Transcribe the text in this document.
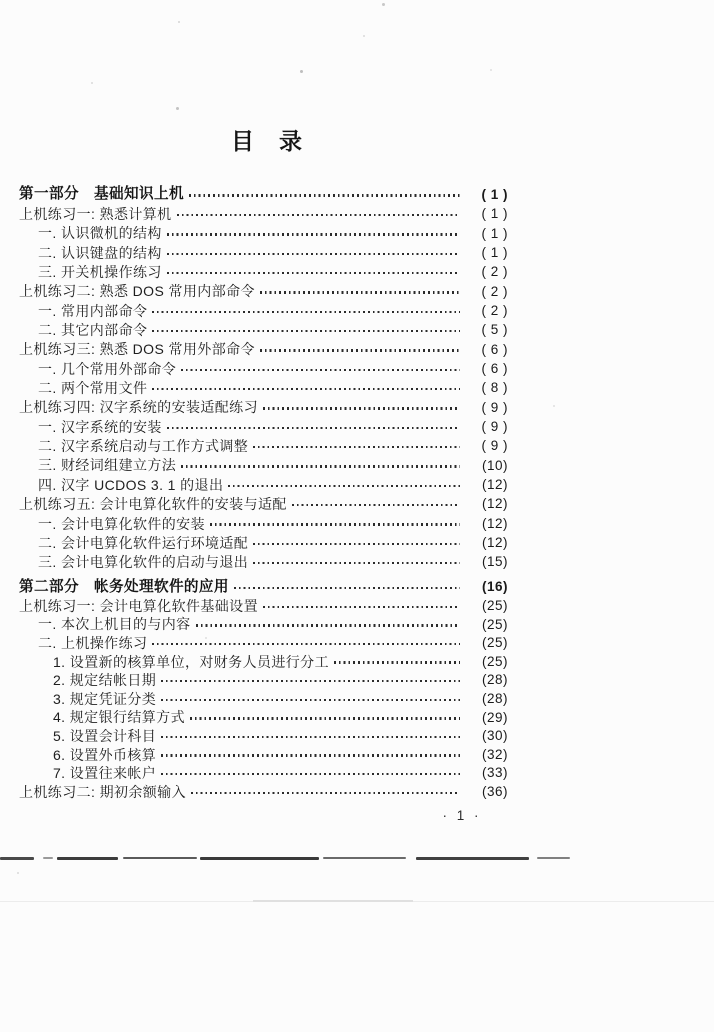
目录
第一部分　基础知识上机	( 1 )
上机练习一: 熟悉计算机	( 1 )
一. 认识微机的结构	( 1 )
二. 认识键盘的结构	( 1 )
三. 开关机操作练习	( 2 )
上机练习二: 熟悉 DOS 常用内部命令	( 2 )
一. 常用内部命令	( 2 )
二. 其它内部命令	( 5 )
上机练习三: 熟悉 DOS 常用外部命令	( 6 )
一. 几个常用外部命令	( 6 )
二. 两个常用文件	( 8 )
上机练习四: 汉字系统的安装适配练习	( 9 )
一. 汉字系统的安装	( 9 )
二. 汉字系统启动与工作方式调整	( 9 )
三. 财经词组建立方法	(10)
四. 汉字 UCDOS 3. 1 的退出	(12)
上机练习五: 会计电算化软件的安装与适配	(12)
一. 会计电算化软件的安装	(12)
二. 会计电算化软件运行环境适配	(12)
三. 会计电算化软件的启动与退出	(15)
第二部分　帐务处理软件的应用	(16)
上机练习一: 会计电算化软件基础设置	(25)
一. 本次上机目的与内容	(25)
二. 上机操作练习	(25)
1. 设置新的核算单位，对财务人员进行分工	(25)
2. 规定结帐日期	(28)
3. 规定凭证分类	(28)
4. 规定银行结算方式	(29)
5. 设置会计科目	(30)
6. 设置外币核算	(32)
7. 设置往来帐户	(33)
上机练习二: 期初余额输入	(36)
· 1 ·
